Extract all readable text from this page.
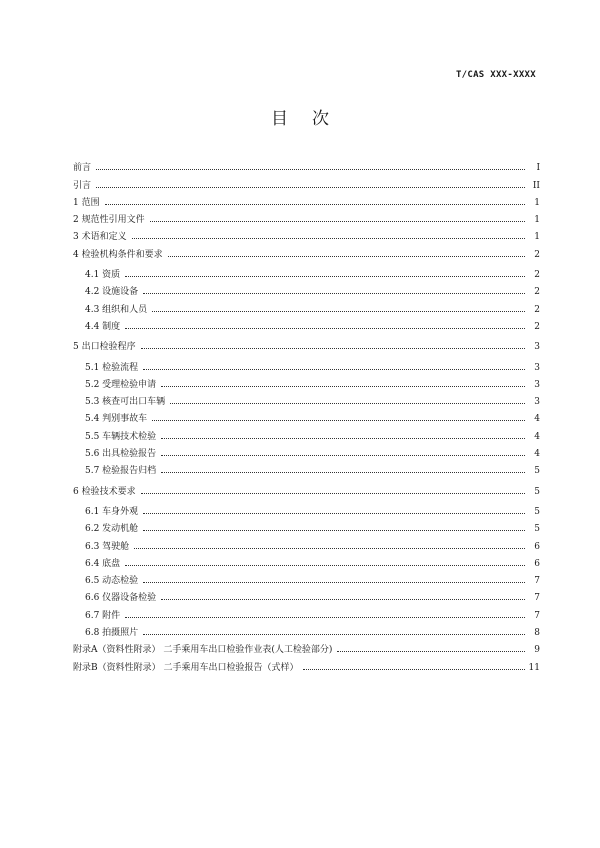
T/CAS XXX-XXXX
目次
前言	I
引言	II
1 范围	1
2 规范性引用文件	1
3 术语和定义	1
4 检验机构条件和要求	2
4.1 资质	2
4.2 设施设备	2
4.3 组织和人员	2
4.4 制度	2
5 出口检验程序	3
5.1 检验流程	3
5.2 受理检验申请	3
5.3 核查可出口车辆	3
5.4 判别事故车	4
5.5 车辆技术检验	4
5.6 出具检验报告	4
5.7 检验报告归档	5
6 检验技术要求	5
6.1 车身外观	5
6.2 发动机舱	5
6.3 驾驶舱	6
6.4 底盘	6
6.5 动态检验	7
6.6 仪器设备检验	7
6.7 附件	7
6.8 拍摄照片	8
附录A（资料性附录） 二手乘用车出口检验作业表(人工检验部分)	9
附录B（资料性附录） 二手乘用车出口检验报告（式样）	11
